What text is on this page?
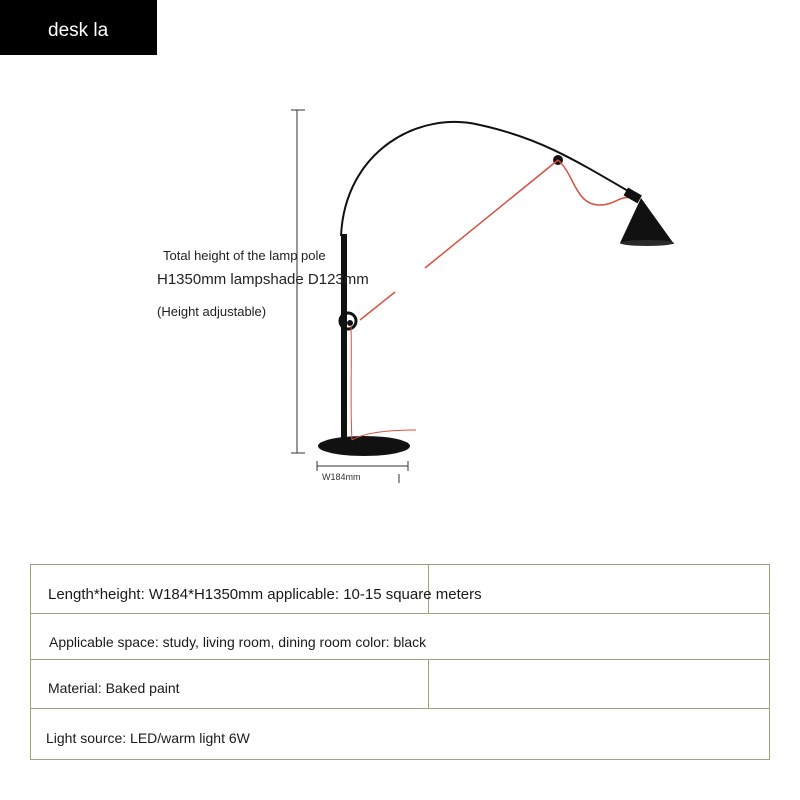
desk la
Total height of the lamp pole
H1350mm lampshade D123mm
(Height adjustable)
W184mm
Length*height: W184*H1350mm applicable: 10-15 square meters
Applicable space: study, living room, dining room color: black
Material: Baked paint
Light source: LED/warm light 6W
